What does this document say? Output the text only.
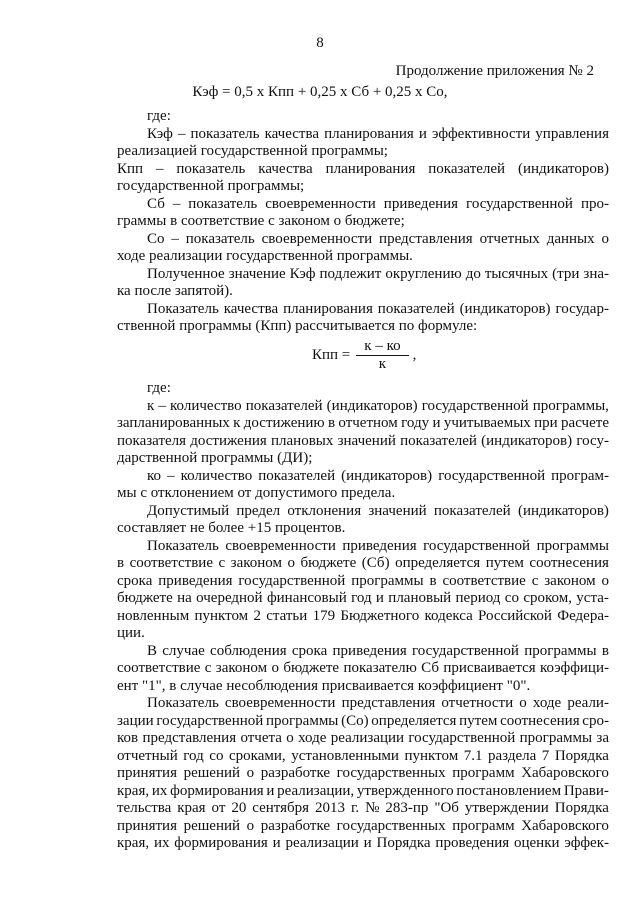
8
Продолжение приложения № 2
Кэф = 0,5 х Кпп + 0,25 х Сб + 0,25 х Со,
где:
Кэф – показатель качества планирования и эффективности управления
реализацией государственной программы;
Кпп – показатель качества планирования показателей (индикаторов)
государственной программы;
Сб – показатель своевременности приведения государственной про-
граммы в соответствие с законом о бюджете;
Со – показатель своевременности представления отчетных данных о
ходе реализации государственной программы.
Полученное значение Кэф подлежит округлению до тысячных (три зна-
ка после запятой).
Показатель качества планирования показателей (индикаторов) государ-
ственной программы (Кпп) рассчитывается по формуле:
Кпп = $\frac{к - ко}{к}$ ,
где:
к – количество показателей (индикаторов) государственной программы,
запланированных к достижению в отчетном году и учитываемых при расчете
показателя достижения плановых значений показателей (индикаторов) госу-
дарственной программы (ДИ);
ко – количество показателей (индикаторов) государственной програм-
мы с отклонением от допустимого предела.
Допустимый предел отклонения значений показателей (индикаторов)
составляет не более +15 процентов.
Показатель своевременности приведения государственной программы
в соответствие с законом о бюджете (Сб) определяется путем соотнесения
срока приведения государственной программы в соответствие с законом о
бюджете на очередной финансовый год и плановый период со сроком, уста-
новленным пунктом 2 статьи 179 Бюджетного кодекса Российской Федера-
ции.
В случае соблюдения срока приведения государственной программы в
соответствие с законом о бюджете показателю Сб присваивается коэффици-
ент "1", в случае несоблюдения присваивается коэффициент "0".
Показатель своевременности представления отчетности о ходе реали-
зации государственной программы (Со) определяется путем соотнесения сро-
ков представления отчета о ходе реализации государственной программы за
отчетный год со сроками, установленными пунктом 7.1 раздела 7 Порядка
принятия решений о разработке государственных программ Хабаровского
края, их формирования и реализации, утвержденного постановлением Прави-
тельства края от 20 сентября 2013 г. № 283-пр "Об утверждении Порядка
принятия решений о разработке государственных программ Хабаровского
края, их формирования и реализации и Порядка проведения оценки эффек-
